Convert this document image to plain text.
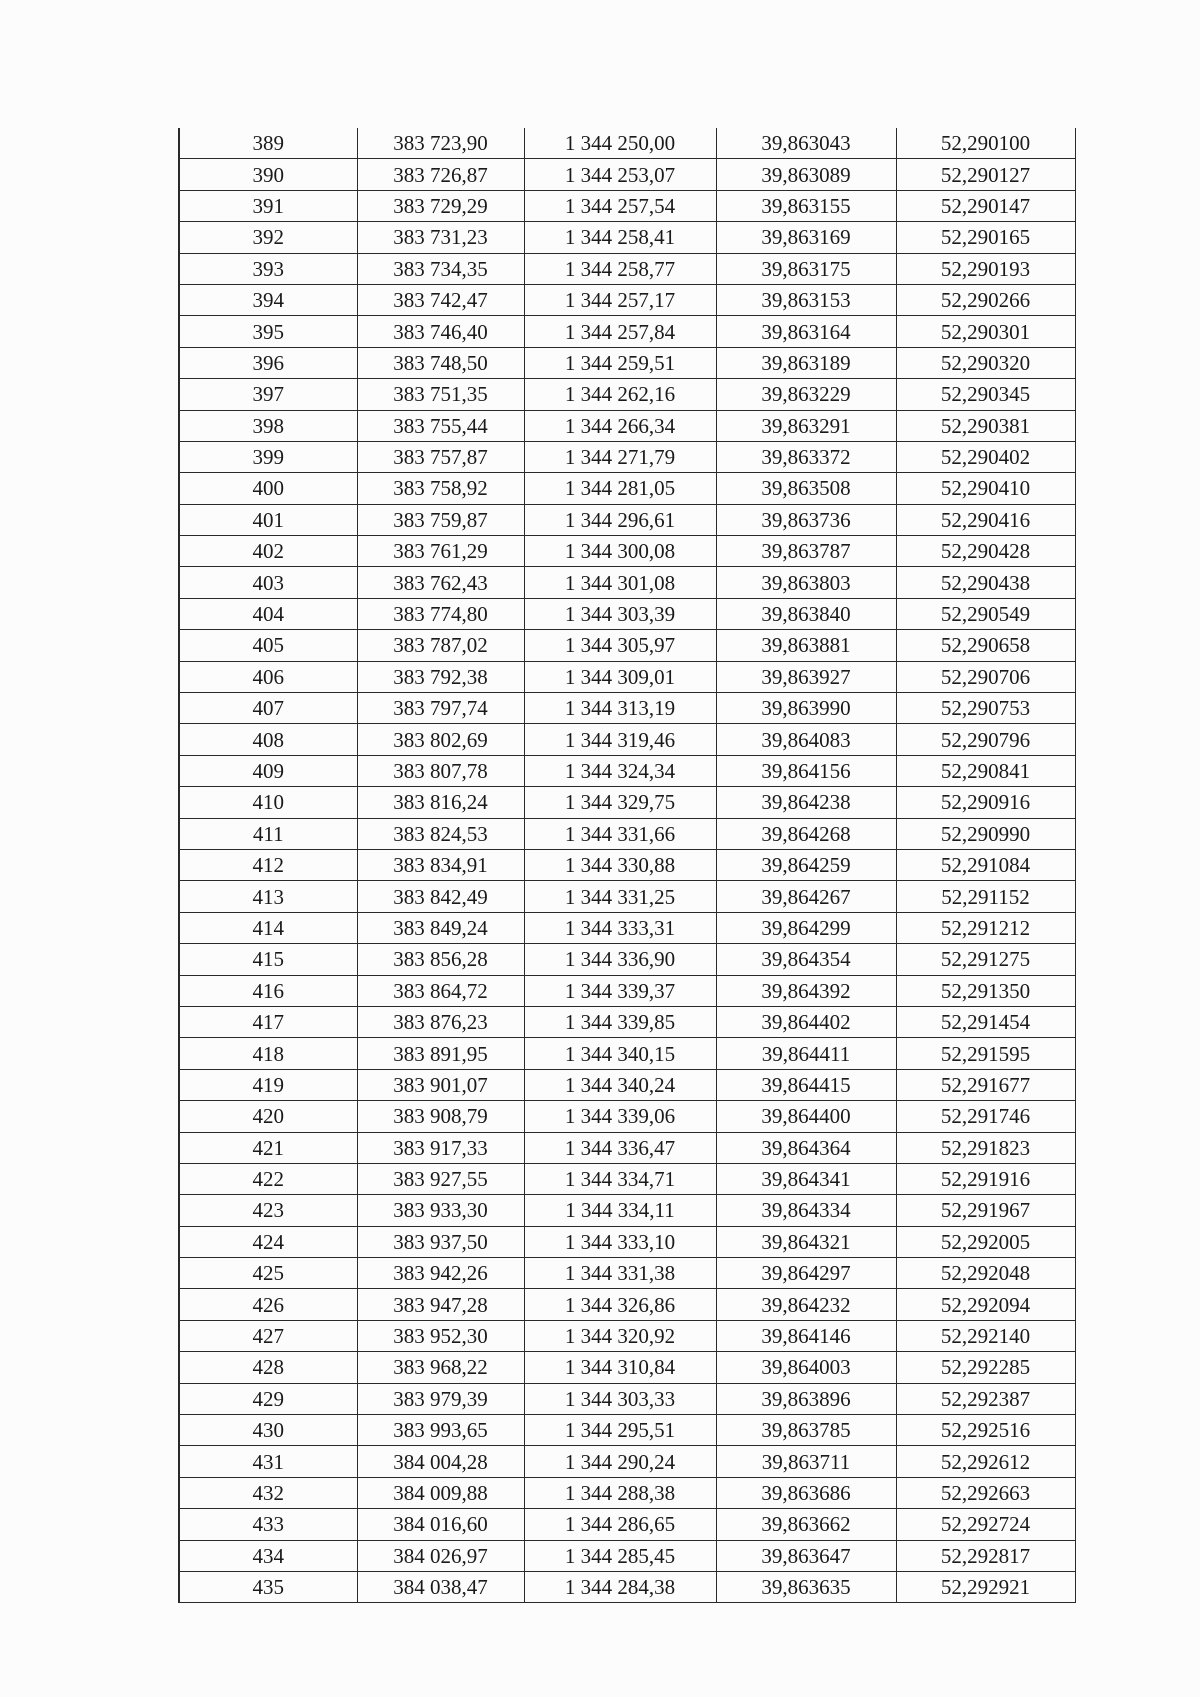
389	383 723,90	1 344 250,00	39,863043	52,290100
390	383 726,87	1 344 253,07	39,863089	52,290127
391	383 729,29	1 344 257,54	39,863155	52,290147
392	383 731,23	1 344 258,41	39,863169	52,290165
393	383 734,35	1 344 258,77	39,863175	52,290193
394	383 742,47	1 344 257,17	39,863153	52,290266
395	383 746,40	1 344 257,84	39,863164	52,290301
396	383 748,50	1 344 259,51	39,863189	52,290320
397	383 751,35	1 344 262,16	39,863229	52,290345
398	383 755,44	1 344 266,34	39,863291	52,290381
399	383 757,87	1 344 271,79	39,863372	52,290402
400	383 758,92	1 344 281,05	39,863508	52,290410
401	383 759,87	1 344 296,61	39,863736	52,290416
402	383 761,29	1 344 300,08	39,863787	52,290428
403	383 762,43	1 344 301,08	39,863803	52,290438
404	383 774,80	1 344 303,39	39,863840	52,290549
405	383 787,02	1 344 305,97	39,863881	52,290658
406	383 792,38	1 344 309,01	39,863927	52,290706
407	383 797,74	1 344 313,19	39,863990	52,290753
408	383 802,69	1 344 319,46	39,864083	52,290796
409	383 807,78	1 344 324,34	39,864156	52,290841
410	383 816,24	1 344 329,75	39,864238	52,290916
411	383 824,53	1 344 331,66	39,864268	52,290990
412	383 834,91	1 344 330,88	39,864259	52,291084
413	383 842,49	1 344 331,25	39,864267	52,291152
414	383 849,24	1 344 333,31	39,864299	52,291212
415	383 856,28	1 344 336,90	39,864354	52,291275
416	383 864,72	1 344 339,37	39,864392	52,291350
417	383 876,23	1 344 339,85	39,864402	52,291454
418	383 891,95	1 344 340,15	39,864411	52,291595
419	383 901,07	1 344 340,24	39,864415	52,291677
420	383 908,79	1 344 339,06	39,864400	52,291746
421	383 917,33	1 344 336,47	39,864364	52,291823
422	383 927,55	1 344 334,71	39,864341	52,291916
423	383 933,30	1 344 334,11	39,864334	52,291967
424	383 937,50	1 344 333,10	39,864321	52,292005
425	383 942,26	1 344 331,38	39,864297	52,292048
426	383 947,28	1 344 326,86	39,864232	52,292094
427	383 952,30	1 344 320,92	39,864146	52,292140
428	383 968,22	1 344 310,84	39,864003	52,292285
429	383 979,39	1 344 303,33	39,863896	52,292387
430	383 993,65	1 344 295,51	39,863785	52,292516
431	384 004,28	1 344 290,24	39,863711	52,292612
432	384 009,88	1 344 288,38	39,863686	52,292663
433	384 016,60	1 344 286,65	39,863662	52,292724
434	384 026,97	1 344 285,45	39,863647	52,292817
435	384 038,47	1 344 284,38	39,863635	52,292921
